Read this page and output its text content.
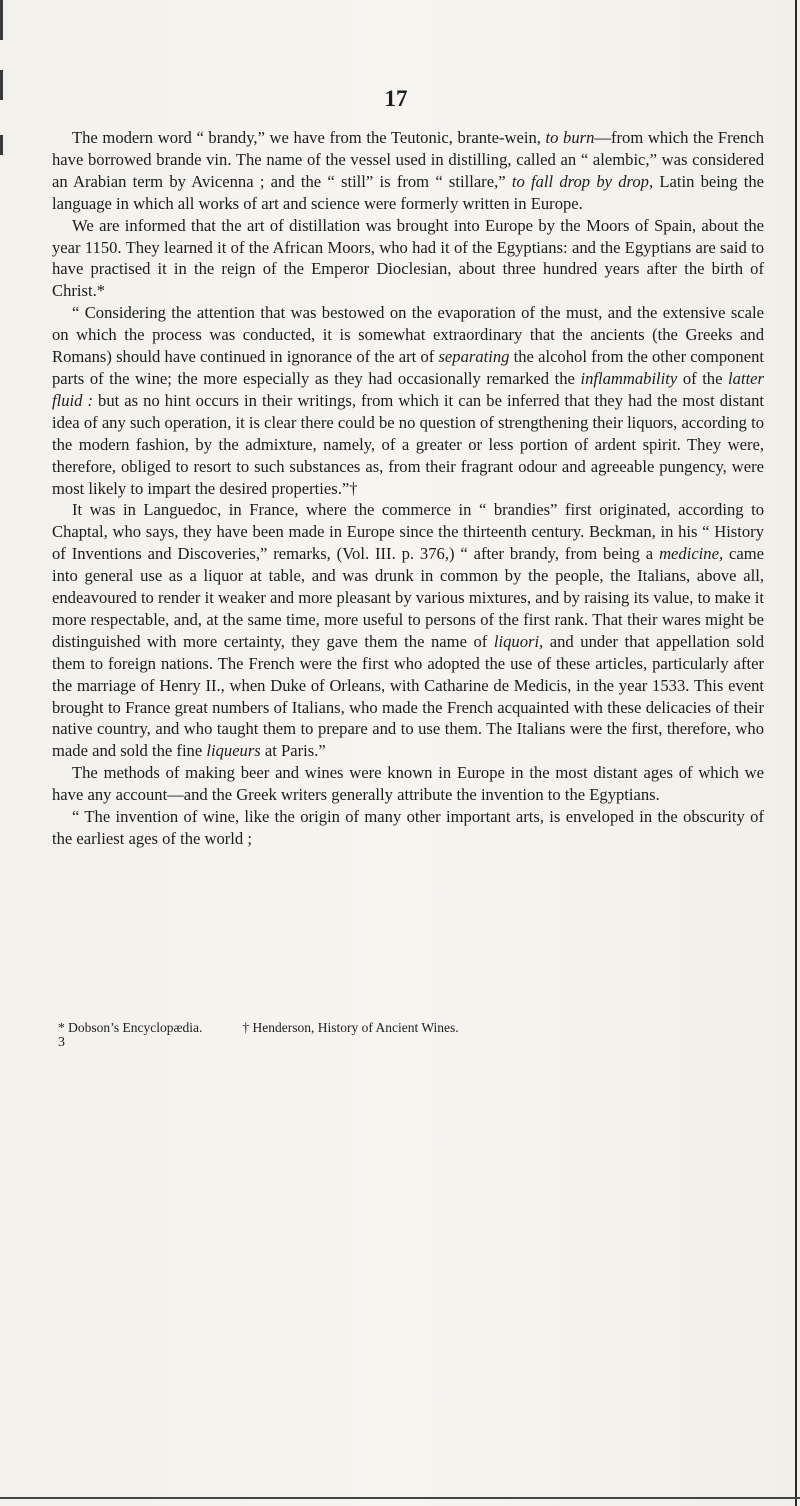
17

The modern word “ brandy,” we have from the Teutonic, brante-wein, to burn—from which the French have borrowed brande vin. The name of the vessel used in distilling, called an “ alembic,” was considered an Arabian term by Avicenna ; and the “ still” is from “ stillare,” to fall drop by drop, Latin being the language in which all works of art and science were formerly written in Europe.

We are informed that the art of distillation was brought into Europe by the Moors of Spain, about the year 1150. They learned it of the African Moors, who had it of the Egyptians: and the Egyptians are said to have practised it in the reign of the Emperor Dioclesian, about three hundred years after the birth of Christ.*

“ Considering the attention that was bestowed on the evaporation of the must, and the extensive scale on which the process was conducted, it is somewhat extraordinary that the ancients (the Greeks and Romans) should have continued in ignorance of the art of separating the alcohol from the other component parts of the wine; the more especially as they had occasionally remarked the inflammability of the latter fluid : but as no hint occurs in their writings, from which it can be inferred that they had the most distant idea of any such operation, it is clear there could be no question of strengthening their liquors, according to the modern fashion, by the admixture, namely, of a greater or less portion of ardent spirit. They were, therefore, obliged to resort to such substances as, from their fragrant odour and agreeable pungency, were most likely to impart the desired properties.”†

It was in Languedoc, in France, where the commerce in “ brandies” first originated, according to Chaptal, who says, they have been made in Europe since the thirteenth century. Beckman, in his “ History of Inventions and Discoveries,” remarks, (Vol. III. p. 376,) “ after brandy, from being a medicine, came into general use as a liquor at table, and was drunk in common by the people, the Italians, above all, endeavoured to render it weaker and more pleasant by various mixtures, and by raising its value, to make it more respectable, and, at the same time, more useful to persons of the first rank. That their wares might be distinguished with more certainty, they gave them the name of liquori, and under that appellation sold them to foreign nations. The French were the first who adopted the use of these articles, particularly after the marriage of Henry II., when Duke of Orleans, with Catharine de Medicis, in the year 1533. This event brought to France great numbers of Italians, who made the French acquainted with these delicacies of their native country, and who taught them to prepare and to use them. The Italians were the first, therefore, who made and sold the fine liqueurs at Paris.”

The methods of making beer and wines were known in Europe in the most distant ages of which we have any account—and the Greek writers generally attribute the invention to the Egyptians.

“ The invention of wine, like the origin of many other important arts, is enveloped in the obscurity of the earliest ages of the world ;

* Dobson’s Encyclopædia.	† Henderson, History of Ancient Wines.
3
